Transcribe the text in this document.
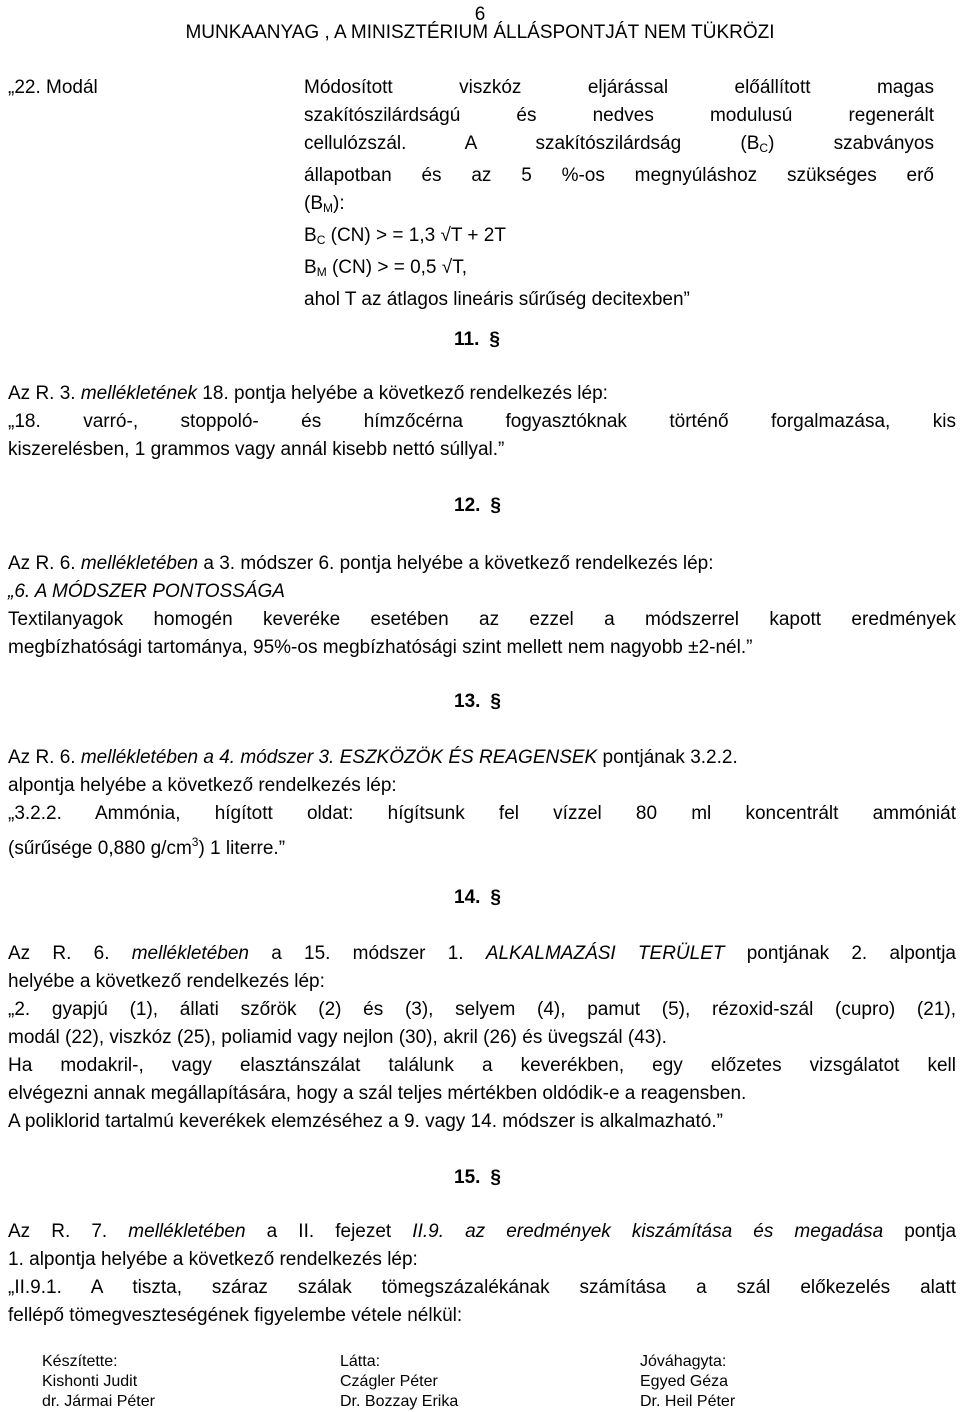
6
MUNKAANYAG , A MINISZTÉRIUM ÁLLÁSPONTJÁT NEM TÜKRÖZI
„22. Modál	Módosított viszkóz eljárással előállított magas
szakítószilárdságú és nedves modulusú regenerált
cellulózszál. A szakítószilárdság $(B_C)$ szabványos
állapotban és az 5 %-os megnyúláshoz szükséges erő
$(B_M)$:
$B_C$ (CN) > = 1,3 √T + 2T
$B_M$ (CN) > = 0,5 √T,
ahol T az átlagos lineáris sűrűség decitexben”
11. §
Az R. 3. mellékletének 18. pontja helyébe a következő rendelkezés lép:
„18. varró-, stoppoló- és hímzőcérna fogyasztóknak történő forgalmazása, kis
kiszerelésben, 1 grammos vagy annál kisebb nettó súllyal.”
12. §
Az R. 6. mellékletében a 3. módszer 6. pontja helyébe a következő rendelkezés lép:
„6. A MÓDSZER PONTOSSÁGA
Textilanyagok homogén keveréke esetében az ezzel a módszerrel kapott eredmények
megbízhatósági tartománya, 95%-os megbízhatósági szint mellett nem nagyobb ±2-nél.”
13. §
Az R. 6. mellékletében a 4. módszer 3. ESZKÖZÖK ÉS REAGENSEK pontjának 3.2.2.
alpontja helyébe a következő rendelkezés lép:
„3.2.2. Ammónia, hígított oldat: hígítsunk fel vízzel 80 ml koncentrált ammóniát
(sűrűsége 0,880 $g/cm^3$) 1 literre.”
14. §
Az R. 6. mellékletében a 15. módszer 1. ALKALMAZÁSI TERÜLET pontjának 2. alpontja
helyébe a következő rendelkezés lép:
„2. gyapjú (1), állati szőrök (2) és (3), selyem (4), pamut (5), rézoxid-szál (cupro) (21),
modál (22), viszkóz (25), poliamid vagy nejlon (30), akril (26) és üvegszál (43).
Ha modakril-, vagy elasztánszálat találunk a keverékben, egy előzetes vizsgálatot kell
elvégezni annak megállapítására, hogy a szál teljes mértékben oldódik-e a reagensben.
A poliklorid tartalmú keverékek elemzéséhez a 9. vagy 14. módszer is alkalmazható.”
15. §
Az R. 7. mellékletében a II. fejezet II.9. az eredmények kiszámítása és megadása pontja
1. alpontja helyébe a következő rendelkezés lép:
„II.9.1. A tiszta, száraz szálak tömegszázalékának számítása a szál előkezelés alatt
fellépő tömegveszteségének figyelembe vétele nélkül:
Készítette:
Kishonti Judit
dr. Jármai Péter
Látta:
Czágler Péter
Dr. Bozzay Erika
Jóváhagyta:
Egyed Géza
Dr. Heil Péter
